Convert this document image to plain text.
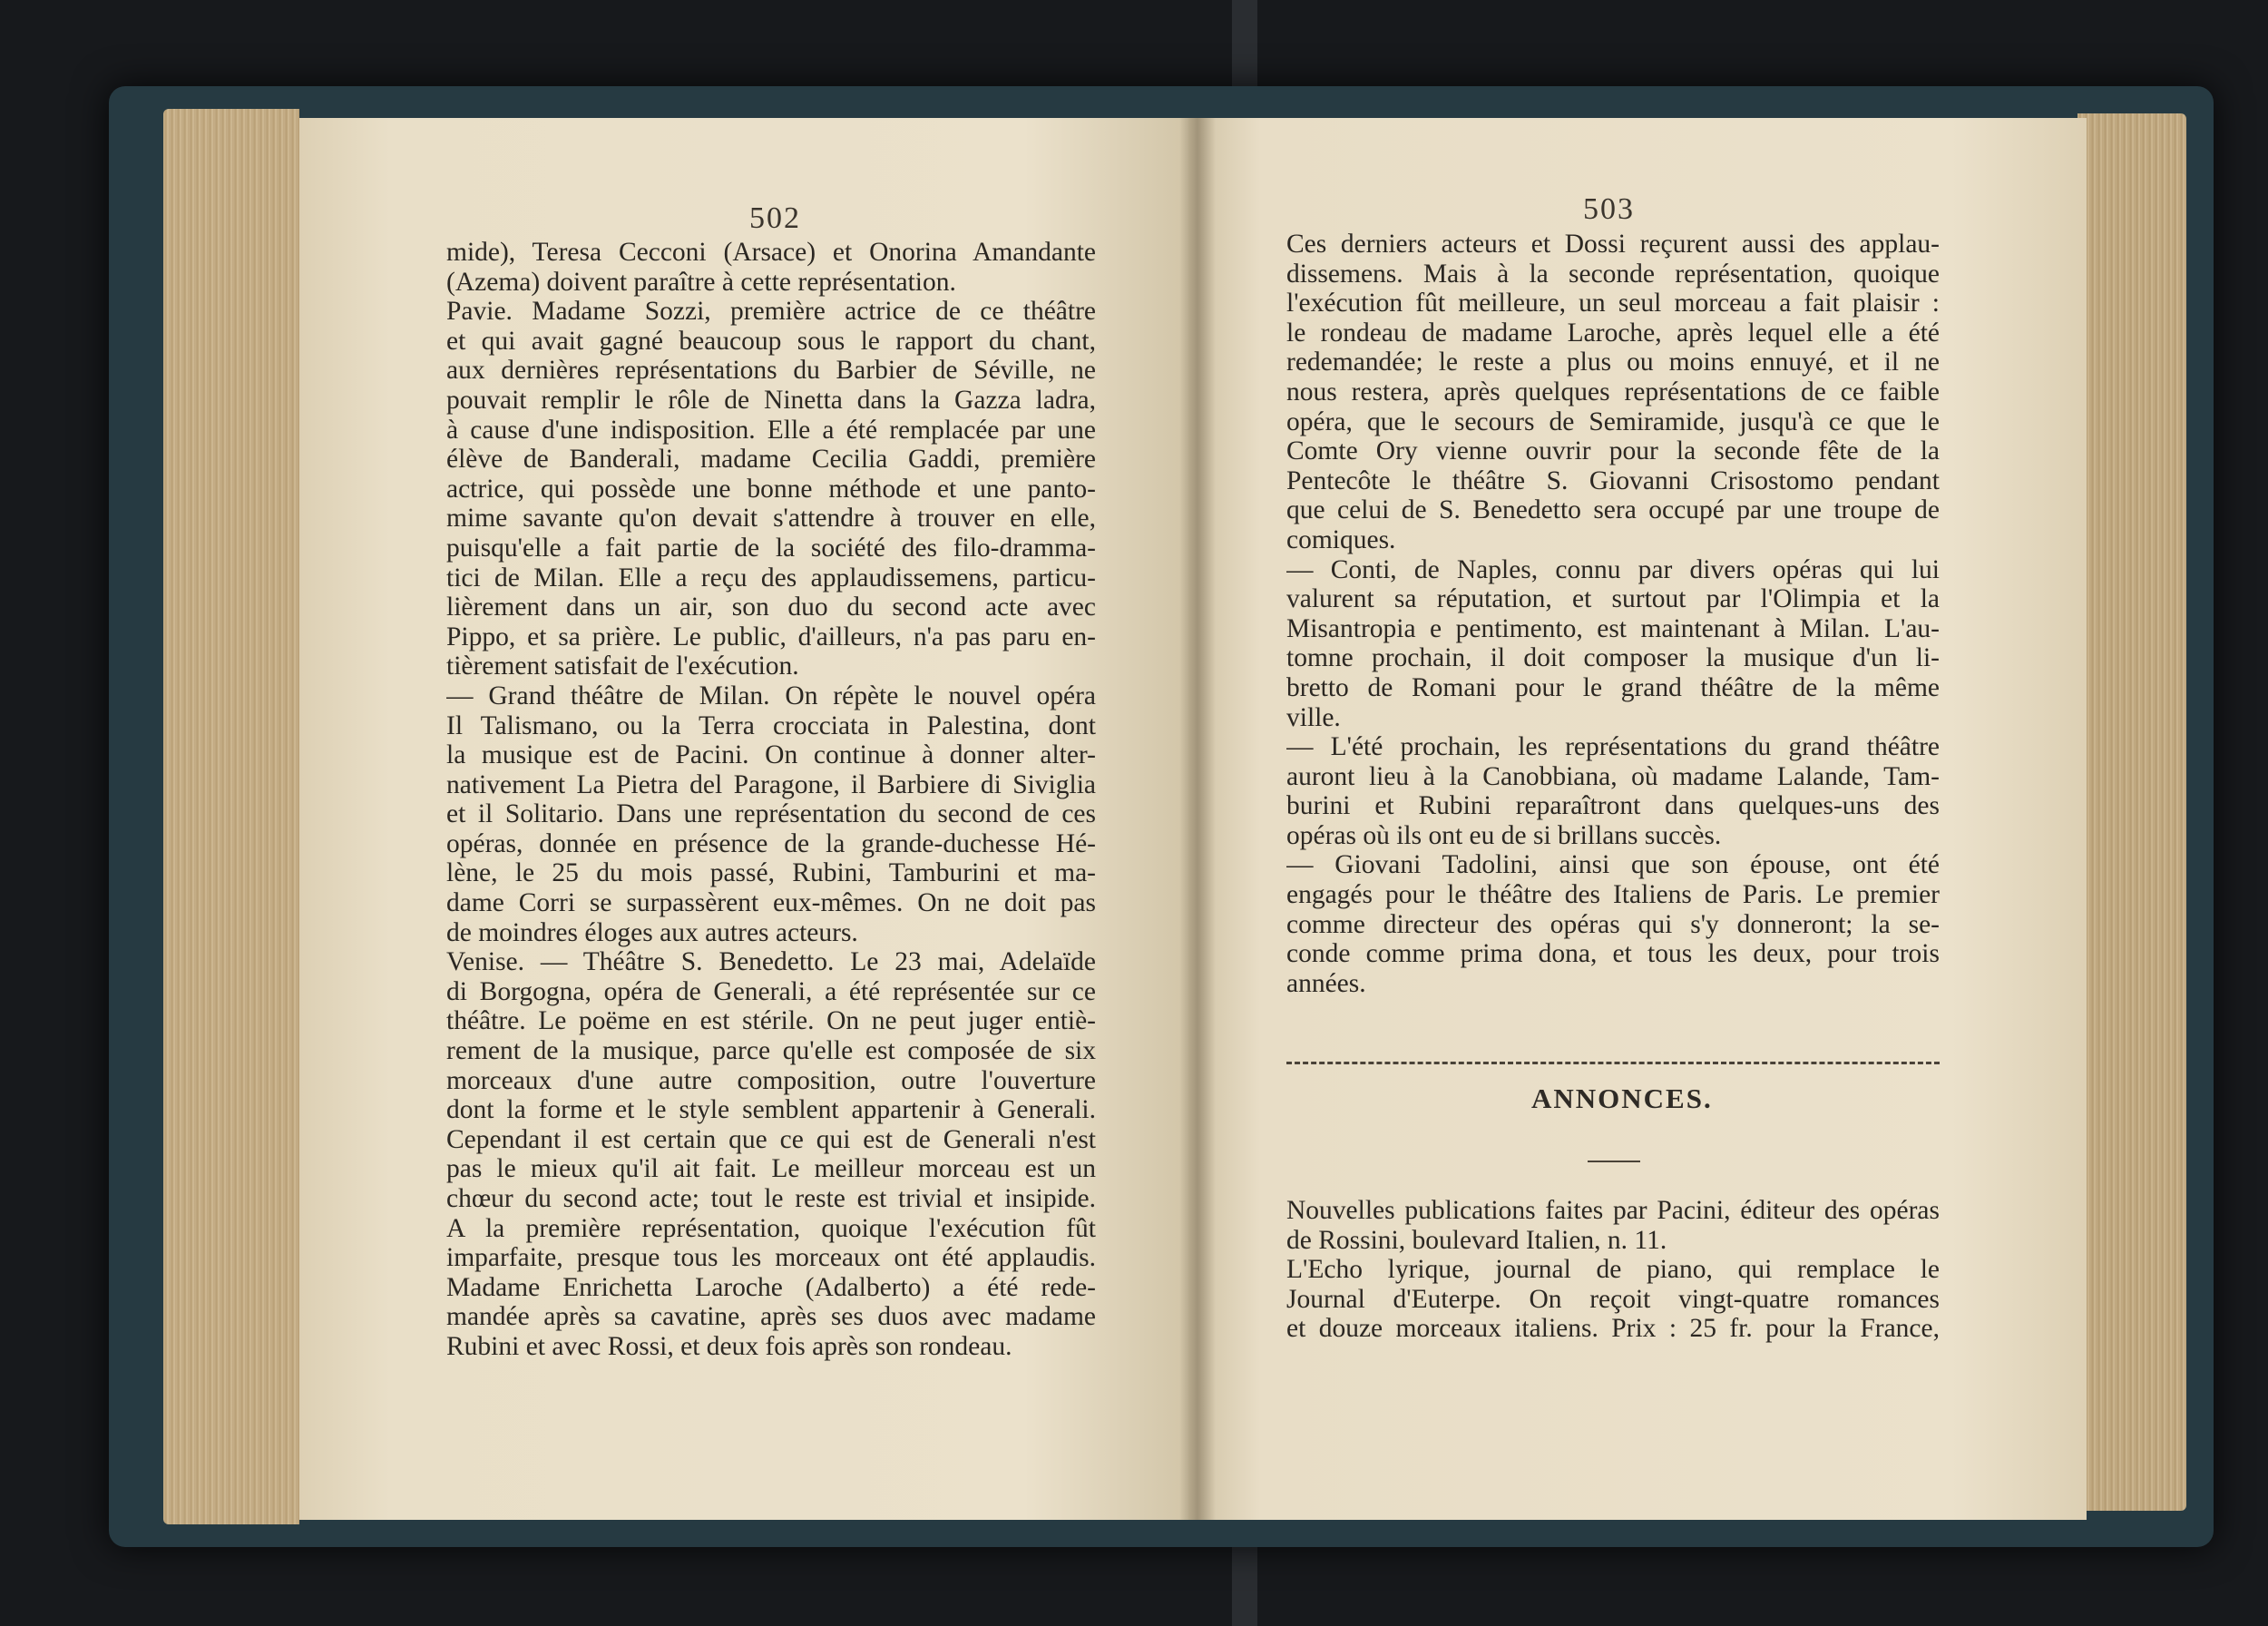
502
mide), Teresa Cecconi (Arsace) et Onorina Amandante
(Azema) doivent paraître à cette représentation.
Pavie. Madame Sozzi, première actrice de ce théâtre
et qui avait gagné beaucoup sous le rapport du chant,
aux dernières représentations du Barbier de Séville, ne
pouvait remplir le rôle de Ninetta dans la Gazza ladra,
à cause d'une indisposition. Elle a été remplacée par une
élève de Banderali, madame Cecilia Gaddi, première
actrice, qui possède une bonne méthode et une panto-
mime savante qu'on devait s'attendre à trouver en elle,
puisqu'elle a fait partie de la société des filo-dramma-
tici de Milan. Elle a reçu des applaudissemens, particu-
lièrement dans un air, son duo du second acte avec
Pippo, et sa prière. Le public, d'ailleurs, n'a pas paru en-
tièrement satisfait de l'exécution.
— Grand théâtre de Milan. On répète le nouvel opéra
Il Talismano, ou la Terra crocciata in Palestina, dont
la musique est de Pacini. On continue à donner alter-
nativement La Pietra del Paragone, il Barbiere di Siviglia
et il Solitario. Dans une représentation du second de ces
opéras, donnée en présence de la grande-duchesse Hé-
lène, le 25 du mois passé, Rubini, Tamburini et ma-
dame Corri se surpassèrent eux-mêmes. On ne doit pas
de moindres éloges aux autres acteurs.
Venise. — Théâtre S. Benedetto. Le 23 mai, Adelaïde
di Borgogna, opéra de Generali, a été représentée sur ce
théâtre. Le poëme en est stérile. On ne peut juger entiè-
rement de la musique, parce qu'elle est composée de six
morceaux d'une autre composition, outre l'ouverture
dont la forme et le style semblent appartenir à Generali.
Cependant il est certain que ce qui est de Generali n'est
pas le mieux qu'il ait fait. Le meilleur morceau est un
chœur du second acte; tout le reste est trivial et insipide.
A la première représentation, quoique l'exécution fût
imparfaite, presque tous les morceaux ont été applaudis.
Madame Enrichetta Laroche (Adalberto) a été rede-
mandée après sa cavatine, après ses duos avec madame
Rubini et avec Rossi, et deux fois après son rondeau.
503
Ces derniers acteurs et Dossi reçurent aussi des applau-
dissemens. Mais à la seconde représentation, quoique
l'exécution fût meilleure, un seul morceau a fait plaisir :
le rondeau de madame Laroche, après lequel elle a été
redemandée; le reste a plus ou moins ennuyé, et il ne
nous restera, après quelques représentations de ce faible
opéra, que le secours de Semiramide, jusqu'à ce que le
Comte Ory vienne ouvrir pour la seconde fête de la
Pentecôte le théâtre S. Giovanni Crisostomo pendant
que celui de S. Benedetto sera occupé par une troupe de
comiques.
— Conti, de Naples, connu par divers opéras qui lui
valurent sa réputation, et surtout par l'Olimpia et la
Misantropia e pentimento, est maintenant à Milan. L'au-
tomne prochain, il doit composer la musique d'un li-
bretto de Romani pour le grand théâtre de la même
ville.
— L'été prochain, les représentations du grand théâtre
auront lieu à la Canobbiana, où madame Lalande, Tam-
burini et Rubini reparaîtront dans quelques-uns des
opéras où ils ont eu de si brillans succès.
— Giovani Tadolini, ainsi que son épouse, ont été
engagés pour le théâtre des Italiens de Paris. Le premier
comme directeur des opéras qui s'y donneront; la se-
conde comme prima dona, et tous les deux, pour trois
années.
ANNONCES.
Nouvelles publications faites par Pacini, éditeur des opéras
de Rossini, boulevard Italien, n. 11.
L'Echo lyrique, journal de piano, qui remplace le
Journal d'Euterpe. On reçoit vingt-quatre romances
et douze morceaux italiens. Prix : 25 fr. pour la France,
